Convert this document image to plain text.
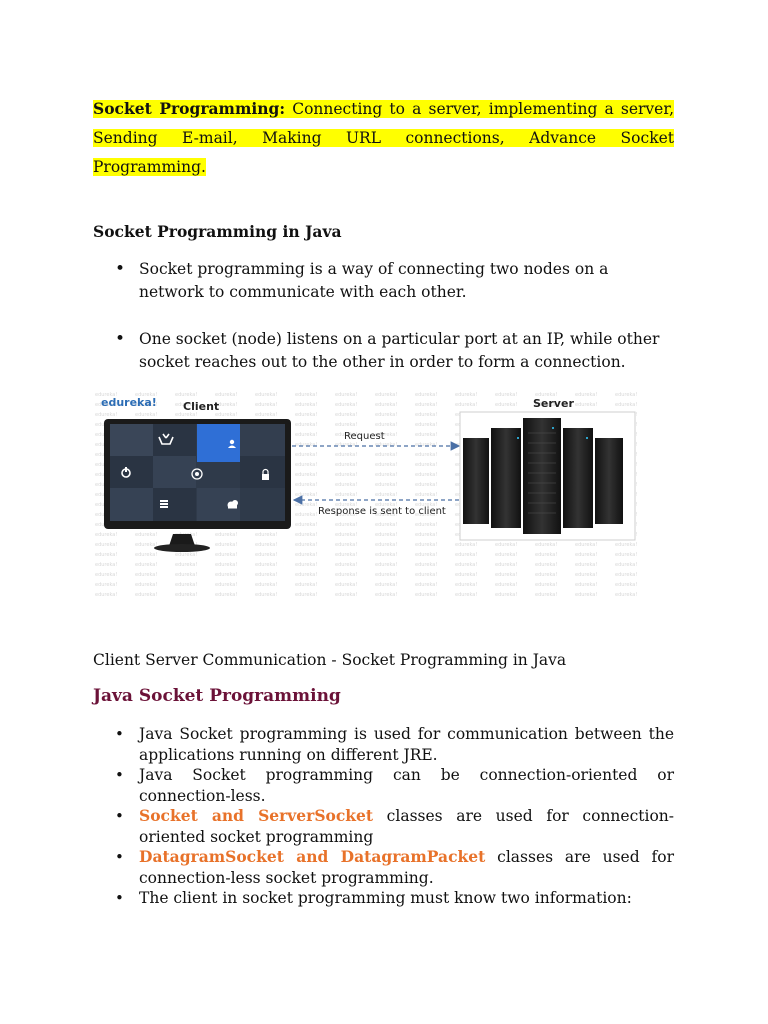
Socket Programming: Connecting to a server, implementing a server, Sending E-mail, Making URL connections, Advance Socket Programming.
Socket Programming in Java
• Socket programming is a way of connecting two nodes on a network to communicate with each other.
• One socket (node) listens on a particular port at an IP, while other socket reaches out to the other in order to form a connection.
edureka! Client	Server
Request
Response is sent to client
Client Server Communication - Socket Programming in Java
Java Socket Programming
• Java Socket programming is used for communication between the applications running on different JRE.
• Java Socket programming can be connection-oriented or connection-less.
• Socket and ServerSocket classes are used for connection-oriented socket programming
• DatagramSocket and DatagramPacket classes are used for connection-less socket programming.
• The client in socket programming must know two information:
